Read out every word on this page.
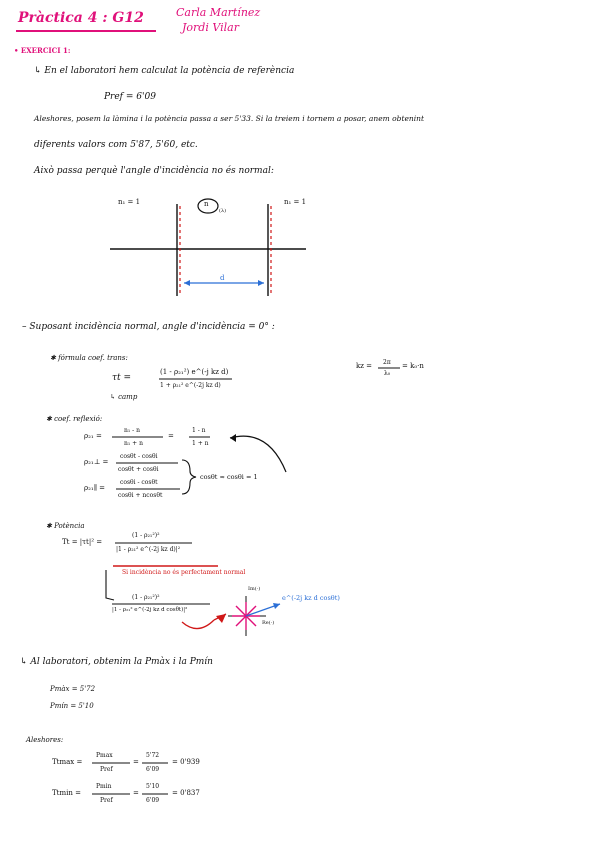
Pràctica 4 : G12	Carla Martínez
Jordi Vilar
• EXERCICI 1:
↳ En el laboratori hem calculat la potència de referència
Pref = 6'09
Aleshores, posem la làmina i la potència passa a ser 5'33. Si la treiem i tornem a posar, anem obtenint
diferents valors com 5'87, 5'60, etc.
Això passa perquè l'angle d'incidència no és normal:
n₁ = 1	n₁ = 1
n
(λ)
d
– Suposant incidència normal, angle d'incidència = 0° :
✱ fórmula coef. trans:
τt =
(1 - ρ₂₁²) e^(-j kz d)
1 + ρ₂₁² e^(-2j kz d)
↳ camp
kz = 2π
λ₀
= k₀·n
✱ coef. reflexió:
ρ₂₁ =
n₁ - n
n₁ + n
=
1 - n
1 + n
ρ₂₁⊥ =
cosθt - cosθi
cosθt + cosθi
ρ₂₁∥ =
cosθi - cosθt
cosθi + ncosθt
cosθt ≈ cosθi = 1
✱ Potència
Tt = |τt|² =
(1 - ρ₂₁²)²
|1 - ρ₂₁² e^(-2j kz d)|²
Si incidència no és perfectament normal
(1 - ρ₂₁²)²
|1 - ρ₂₁² e^(-2j kz d cosθt)|²
Im(·)
Re(·)
e^(-2j kz d cosθt)
↳ Al laboratori, obtenim la Pmàx i la Pmín
Pmàx = 5'72
Pmín = 5'10
Aleshores:
Ttmax =
Pmax
Pref
=
5'72
6'09
= 0'939
Ttmin =
Pmin
Pref
=
5'10
6'09
= 0'837
